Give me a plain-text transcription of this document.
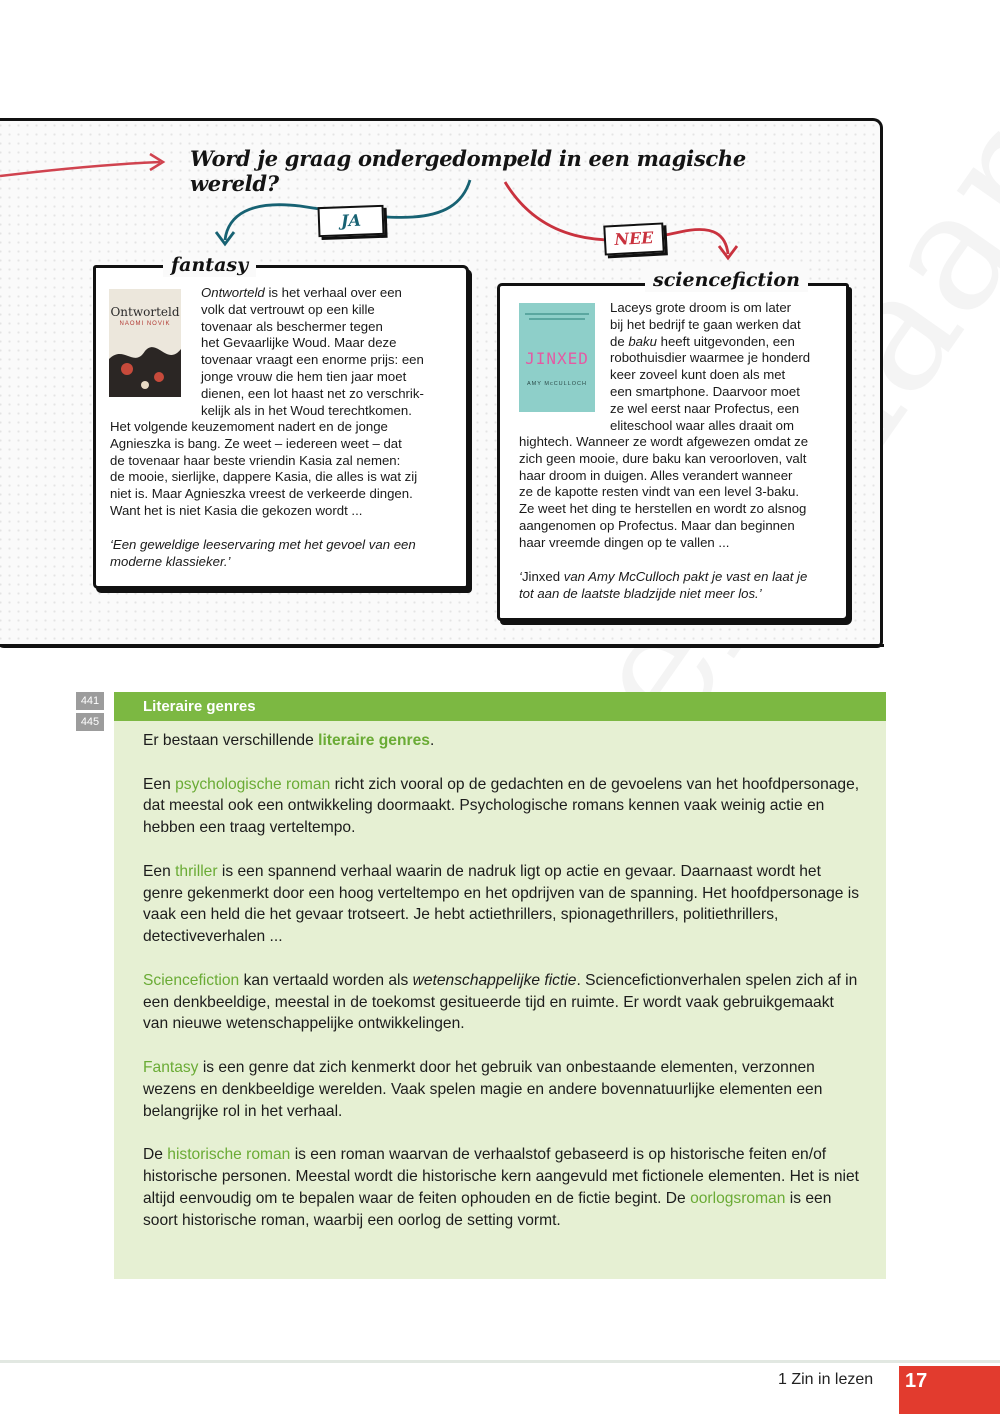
Word je graag ondergedompeld in een magische wereld?
JA
NEE
fantasy
Ontworteld
NAOMI NOVIK

Ontworteld is het verhaal over een

volk dat vertrouwt op een kille

tovenaar als beschermer tegen

het Gevaarlijke Woud. Maar deze

tovenaar vraagt een enorme prijs: een

jonge vrouw die hem tien jaar moet

dienen, een lot haast net zo verschrik-

kelijk als in het Woud terechtkomen.

Het volgende keuzemoment nadert en de jonge

Agnieszka is bang. Ze weet – iedereen weet – dat

de tovenaar haar beste vriendin Kasia zal nemen:

de mooie, sierlijke, dappere Kasia, die alles is wat zij

niet is. Maar Agnieszka vreest de verkeerde dingen.

Want het is niet Kasia die gekozen wordt ...

‘Een geweldige leeservaring met het gevoel van een
moderne klassieker.’
sciencefiction
JINXED
AMY McCULLOCH

Laceys grote droom is om later

bij het bedrijf te gaan werken dat

de baku heeft uitgevonden, een

robothuisdier waarmee je honderd

keer zoveel kunt doen als met

een smartphone. Daarvoor moet

ze wel eerst naar Profectus, een

eliteschool waar alles draait om

hightech. Wanneer ze wordt afgewezen omdat ze

zich geen mooie, dure baku kan veroorloven, valt

haar droom in duigen. Alles verandert wanneer

ze de kapotte resten vindt van een level 3-baku.

Ze weet het ding te herstellen en wordt zo alsnog

aangenomen op Profectus. Maar dan beginnen

haar vreemde dingen op te vallen ...

‘Jinxed van Amy McCulloch pakt je vast en laat je
tot aan de laatste bladzijde niet meer los.’
441
445
Literaire genres

Er bestaan verschillende literaire genres.

Een psychologische roman richt zich vooral op de gedachten en de gevoelens van het hoofdpersonage, dat meestal ook een ontwikkeling doormaakt. Psychologische romans kennen vaak weinig actie en hebben een traag verteltempo.

Een thriller is een spannend verhaal waarin de nadruk ligt op actie en gevaar. Daarnaast wordt het genre gekenmerkt door een hoog verteltempo en het opdrijven van de spanning. Het hoofdpersonage is vaak een held die het gevaar trotseert. Je hebt actiethrillers, spionagethrillers, politiethrillers, detectiveverhalen ...

Sciencefiction kan vertaald worden als wetenschappelijke fictie. Sciencefictionverhalen spelen zich af in een denkbeeldige, meestal in de toekomst gesitueerde tijd en ruimte. Er wordt vaak gebruikgemaakt van nieuwe wetenschappelijke ontwikkelingen.

Fantasy is een genre dat zich kenmerkt door het gebruik van onbestaande elementen, verzonnen wezens en denkbeeldige werelden. Vaak spelen magie en andere bovennatuurlijke elementen een belangrijke rol in het verhaal.

De historische roman is een roman waarvan de verhaalstof gebaseerd is op historische feiten en/of historische personen. Meestal wordt die historische kern aangevuld met fictionele elementen. Het is niet altijd eenvoudig om te bepalen waar de feiten ophouden en de fictie begint. De oorlogsroman is een soort historische roman, waarbij een oorlog de setting vormt.

1 Zin in lezen	17
